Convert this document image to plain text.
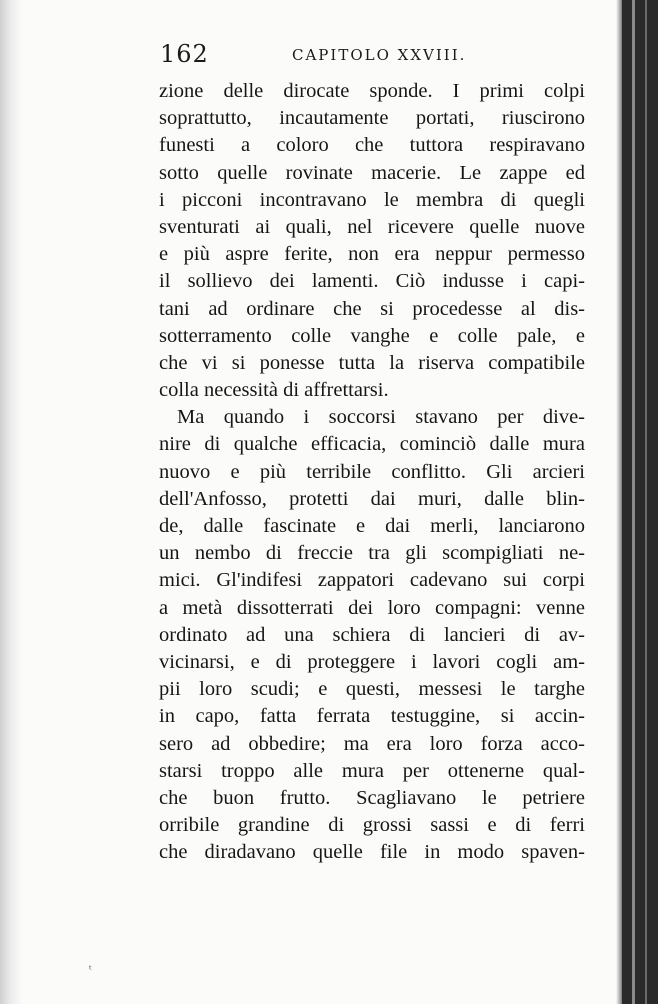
162	CAPITOLO XXVIII.
zione delle dirocate sponde. I primi colpi
soprattutto, incautamente portati, riuscirono
funesti a coloro che tuttora respiravano
sotto quelle rovinate macerie. Le zappe ed
i picconi incontravano le membra di quegli
sventurati ai quali, nel ricevere quelle nuove
e più aspre ferite, non era neppur permesso
il sollievo dei lamenti. Ciò indusse i capi-
tani ad ordinare che si procedesse al dis-
sotterramento colle vanghe e colle pale, e
che vi si ponesse tutta la riserva compatibile
colla necessità di affrettarsi.
Ma quando i soccorsi stavano per dive-
nire di qualche efficacia, cominciò dalle mura
nuovo e più terribile conflitto. Gli arcieri
dell'Anfosso, protetti dai muri, dalle blin-
de, dalle fascinate e dai merli, lanciarono
un nembo di freccie tra gli scompigliati ne-
mici. Gl'indifesi zappatori cadevano sui corpi
a metà dissotterrati dei loro compagni: venne
ordinato ad una schiera di lancieri di av-
vicinarsi, e di proteggere i lavori cogli am-
pii loro scudi; e questi, messesi le targhe
in capo, fatta ferrata testuggine, si accin-
sero ad obbedire; ma era loro forza acco-
starsi troppo alle mura per ottenerne qual-
che buon frutto. Scagliavano le petriere
orribile grandine di grossi sassi e di ferri
che diradavano quelle file in modo spaven-
ᵗ
